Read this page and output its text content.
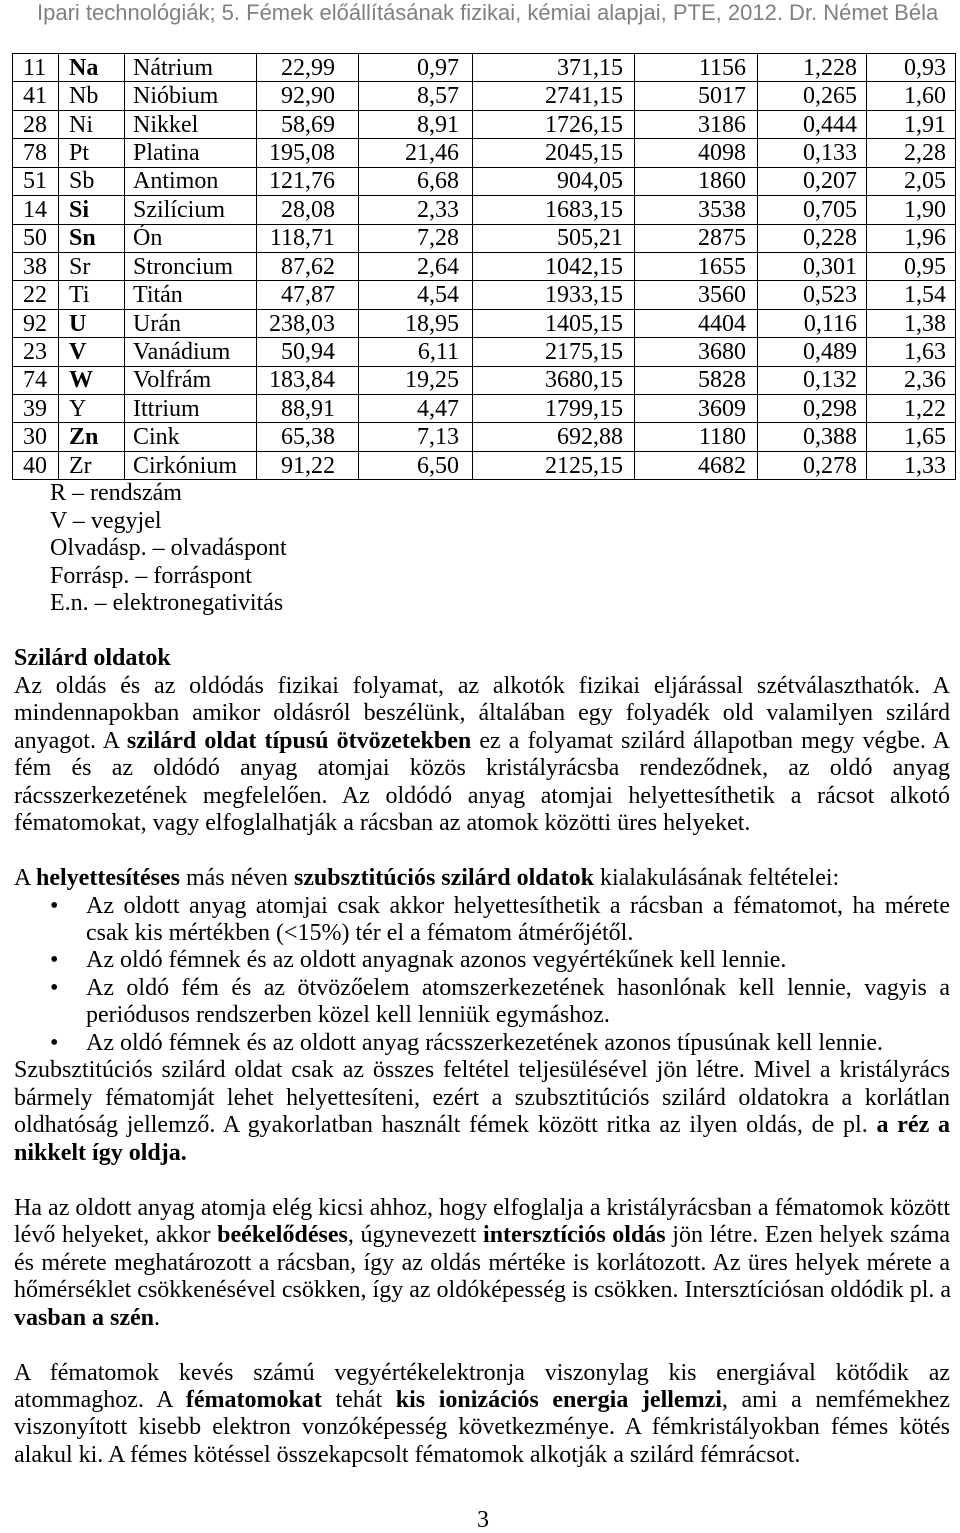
Ipari technológiák; 5. Fémek előállításának fizikai, kémiai alapjai, PTE, 2012. Dr. Német Béla
11	Na	Nátrium	22,99	0,97	371,15	1156	1,228	0,93
41	Nb	Nióbium	92,90	8,57	2741,15	5017	0,265	1,60
28	Ni	Nikkel	58,69	8,91	1726,15	3186	0,444	1,91
78	Pt	Platina	195,08	21,46	2045,15	4098	0,133	2,28
51	Sb	Antimon	121,76	6,68	904,05	1860	0,207	2,05
14	Si	Szilícium	28,08	2,33	1683,15	3538	0,705	1,90
50	Sn	Ón	118,71	7,28	505,21	2875	0,228	1,96
38	Sr	Stroncium	87,62	2,64	1042,15	1655	0,301	0,95
22	Ti	Titán	47,87	4,54	1933,15	3560	0,523	1,54
92	U	Urán	238,03	18,95	1405,15	4404	0,116	1,38
23	V	Vanádium	50,94	6,11	2175,15	3680	0,489	1,63
74	W	Volfrám	183,84	19,25	3680,15	5828	0,132	2,36
39	Y	Ittrium	88,91	4,47	1799,15	3609	0,298	1,22
30	Zn	Cink	65,38	7,13	692,88	1180	0,388	1,65
40	Zr	Cirkónium	91,22	6,50	2125,15	4682	0,278	1,33
R – rendszám
V – vegyjel
Olvadásp. – olvadáspont
Forrásp. – forráspont
E.n. – elektronegativitás
Szilárd oldatok
Az oldás és az oldódás fizikai folyamat, az alkotók fizikai eljárással szétválaszthatók. A
mindennapokban amikor oldásról beszélünk, általában egy folyadék old valamilyen szilárd
anyagot. A szilárd oldat típusú ötvözetekben ez a folyamat szilárd állapotban megy végbe. A
fém és az oldódó anyag atomjai közös kristályrácsba rendeződnek, az oldó anyag
rácsszerkezetének megfelelően. Az oldódó anyag atomjai helyettesíthetik a rácsot alkotó
fématomokat, vagy elfoglalhatják a rácsban az atomok közötti üres helyeket.
A helyettesítéses más néven szubsztitúciós szilárd oldatok kialakulásának feltételei:
•
Az oldott anyag atomjai csak akkor helyettesíthetik a rácsban a fématomot, ha mérete
csak kis mértékben (<15%) tér el a fématom átmérőjétől.
•
Az oldó fémnek és az oldott anyagnak azonos vegyértékűnek kell lennie.
•
Az oldó fém és az ötvözőelem atomszerkezetének hasonlónak kell lennie, vagyis a
periódusos rendszerben közel kell lenniük egymáshoz.
•
Az oldó fémnek és az oldott anyag rácsszerkezetének azonos típusúnak kell lennie.
Szubsztitúciós szilárd oldat csak az összes feltétel teljesülésével jön létre. Mivel a kristályrács
bármely fématomját lehet helyettesíteni, ezért a szubsztitúciós szilárd oldatokra a korlátlan
oldhatóság jellemző. A gyakorlatban használt fémek között ritka az ilyen oldás, de pl. a réz a
nikkelt így oldja.
Ha az oldott anyag atomja elég kicsi ahhoz, hogy elfoglalja a kristályrácsban a fématomok között
lévő helyeket, akkor beékelődéses, úgynevezett intersztíciós oldás jön létre. Ezen helyek száma
és mérete meghatározott a rácsban, így az oldás mértéke is korlátozott. Az üres helyek mérete a
hőmérséklet csökkenésével csökken, így az oldóképesség is csökken. Intersztíciósan oldódik pl. a
vasban a szén.
A fématomok kevés számú vegyértékelektronja viszonylag kis energiával kötődik az
atommaghoz. A fématomokat tehát kis ionizációs energia jellemzi, ami a nemfémekhez
viszonyított kisebb elektron vonzóképesség következménye. A fémkristályokban fémes kötés
alakul ki. A fémes kötéssel összekapcsolt fématomok alkotják a szilárd fémrácsot.
3
